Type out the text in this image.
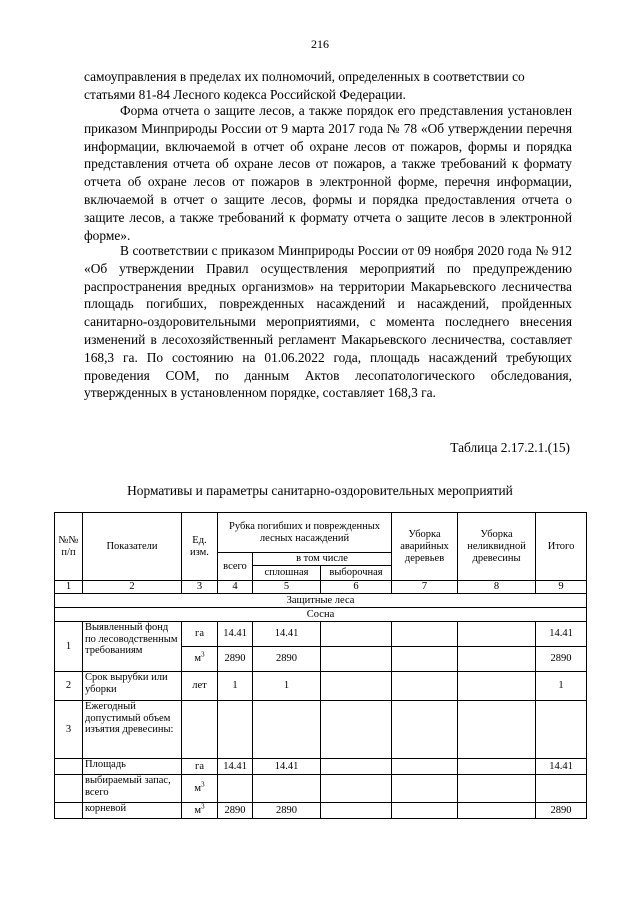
216

самоуправления в пределах их полномочий, определенных в соответствии со статьями 81-84 Лесного кодекса Российской Федерации.

Форма отчета о защите лесов, а также порядок его представления установлен приказом Минприроды России от 9 марта 2017 года № 78 «Об утверждении перечня информации, включаемой в отчет об охране лесов от пожаров, формы и порядка представления отчета об охране лесов от пожаров, а также требований к формату отчета об охране лесов от пожаров в электронной форме, перечня информации, включаемой в отчет о защите лесов, формы и порядка предоставления отчета о защите лесов, а также требований к формату отчета о защите лесов в электронной форме».

В соответствии с приказом Минприроды России от 09 ноября 2020 года № 912 «Об утверждении Правил осуществления мероприятий по предупреждению распространения вредных организмов» на территории Макарьевского лесничества площадь погибших, поврежденных насаждений и насаждений, пройденных санитарно-оздоровительными мероприятиями, с момента последнего внесения изменений в лесохозяйственный регламент Макарьевского лесничества, составляет 168,3 га. По состоянию на 01.06.2022 года, площадь насаждений требующих проведения СОМ, по данным Актов лесопатологического обследования, утвержденных в установленном порядке, составляет 168,3 га.

Таблица 2.17.2.1.(15)
Нормативы и параметры санитарно-оздоровительных мероприятий
№№ п/п	Показатели	Ед. изм.	Рубка погибших и поврежденных лесных насаждений			Уборка аварийных деревьев	Уборка неликвидной древесины	Итого
			всего	в том числе				
				сплошная	выборочная			
1	2	3	4	5	6	7	8	9
Защитные леса								
Сосна								
1	Выявленный фонд по лесоводственным требованиям	га	14.41	14.41				14.41
		$м^3$	2890	2890				2890
2	Срок вырубки или уборки	лет	1	1				1
3	Ежегодный допустимый объем изъятия древесины:							
	Площадь	га	14.41	14.41				14.41
	выбираемый запас, всего	$м^3$						
	корневой	$м^3$	2890	2890				2890
